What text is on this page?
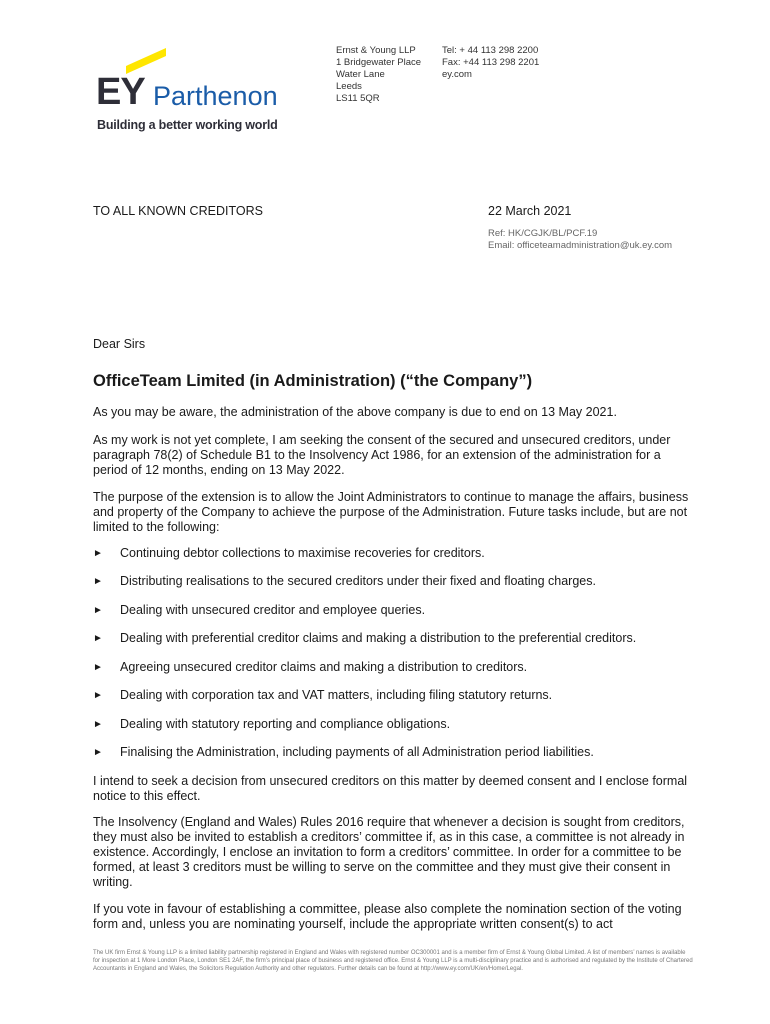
EY Parthenon
Building a better working world
Ernst & Young LLP
1 Bridgewater Place
Water Lane
Leeds
LS11 5QR
Tel: + 44 113 298 2200
Fax: +44 113 298 2201
ey.com
TO ALL KNOWN CREDITORS	22 March 2021
Ref: HK/CGJK/BL/PCF.19
Email: officeteamadministration@uk.ey.com
Dear Sirs
OfficeTeam Limited (in Administration) (“the Company”)

As you may be aware, the administration of the above company is due to end on 13 May 2021.

As my work is not yet complete, I am seeking the consent of the secured and unsecured creditors, under paragraph 78(2) of Schedule B1 to the Insolvency Act 1986, for an extension of the administration for a period of 12 months, ending on 13 May 2022.

The purpose of the extension is to allow the Joint Administrators to continue to manage the affairs, business and property of the Company to achieve the purpose of the Administration. Future tasks include, but are not limited to the following:

► Continuing debtor collections to maximise recoveries for creditors.
► Distributing realisations to the secured creditors under their fixed and floating charges.
► Dealing with unsecured creditor and employee queries.
► Dealing with preferential creditor claims and making a distribution to the preferential creditors.
► Agreeing unsecured creditor claims and making a distribution to creditors.
► Dealing with corporation tax and VAT matters, including filing statutory returns.
► Dealing with statutory reporting and compliance obligations.
► Finalising the Administration, including payments of all Administration period liabilities.

I intend to seek a decision from unsecured creditors on this matter by deemed consent and I enclose formal notice to this effect.

The Insolvency (England and Wales) Rules 2016 require that whenever a decision is sought from creditors, they must also be invited to establish a creditors’ committee if, as in this case, a committee is not already in existence. Accordingly, I enclose an invitation to form a creditors’ committee. In order for a committee to be formed, at least 3 creditors must be willing to serve on the committee and they must give their consent in writing.

If you vote in favour of establishing a committee, please also complete the nomination section of the voting form and, unless you are nominating yourself, include the appropriate written consent(s) to act

The UK firm Ernst & Young LLP is a limited liability partnership registered in England and Wales with registered number OC300001 and is a member firm of Ernst & Young Global Limited. A list of members’ names is available for inspection at 1 More London Place, London SE1 2AF, the firm’s principal place of business and registered office. Ernst & Young LLP is a multi-disciplinary practice and is authorised and regulated by the Institute of Chartered Accountants in England and Wales, the Solicitors Regulation Authority and other regulators. Further details can be found at http://www.ey.com/UK/en/Home/Legal.
